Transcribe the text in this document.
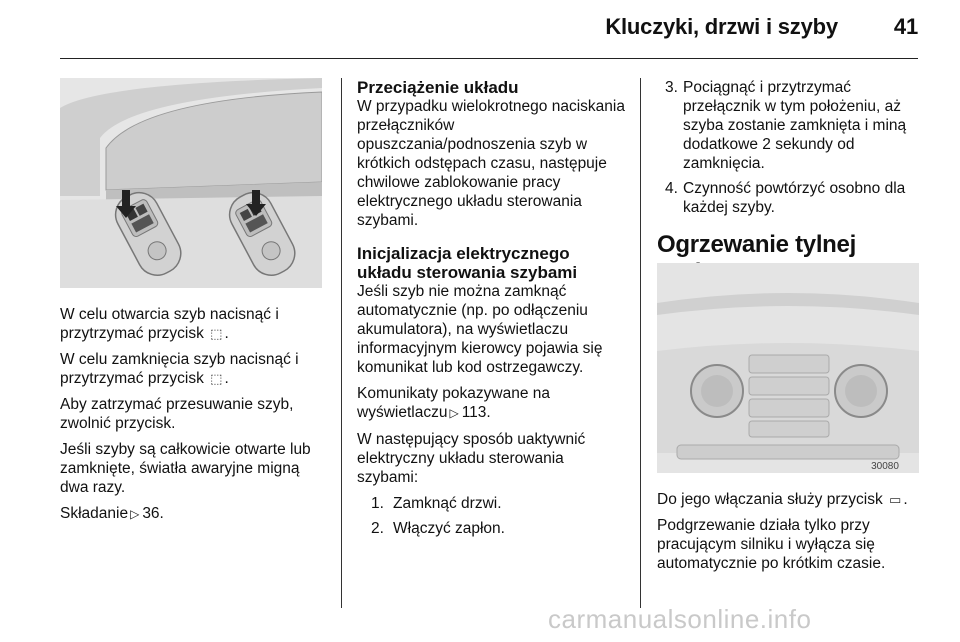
Kluczyki, drzwi i szyby	41

W celu otwarcia szyb nacisnąć i przytrzymać przycisk ⬚ .

W celu zamknięcia szyb nacisnąć i przytrzymać przycisk ⬚ .

Aby zatrzymać przesuwanie szyb, zwolnić przycisk.

Jeśli szyby są całkowicie otwarte lub zamknięte, światła awaryjne migną dwa razy.

Składanie ▷ 36.

Przeciążenie układu

W przypadku wielokrotnego naciskania przełączników opuszczania/podnoszenia szyb w krótkich odstępach czasu, następuje chwilowe zablokowanie pracy elektrycznego układu sterowania szybami.

Inicjalizacja elektrycznego układu sterowania szybami

Jeśli szyb nie można zamknąć automatycznie (np. po odłączeniu akumulatora), na wyświetlaczu informacyjnym kierowcy pojawia się komunikat lub kod ostrzegawczy.

Komunikaty pokazywane na wyświetlaczu ▷ 113.

W następujący sposób uaktywnić elektryczny układu sterowania szybami:

1. Zamknąć drzwi.
2. Włączyć zapłon.
3. Pociągnąć i przytrzymać przełącznik w tym położeniu, aż szyba zostanie zamknięta i miną dodatkowe 2 sekundy od zamknięcia.
4. Czynność powtórzyć osobno dla każdej szyby.
Ogrzewanie tylnej
30080

Do jego włączania służy przycisk ▭ .

Podgrzewanie działa tylko przy pracującym silniku i wyłącza się automatycznie po krótkim czasie.

carmanualsonline.info
